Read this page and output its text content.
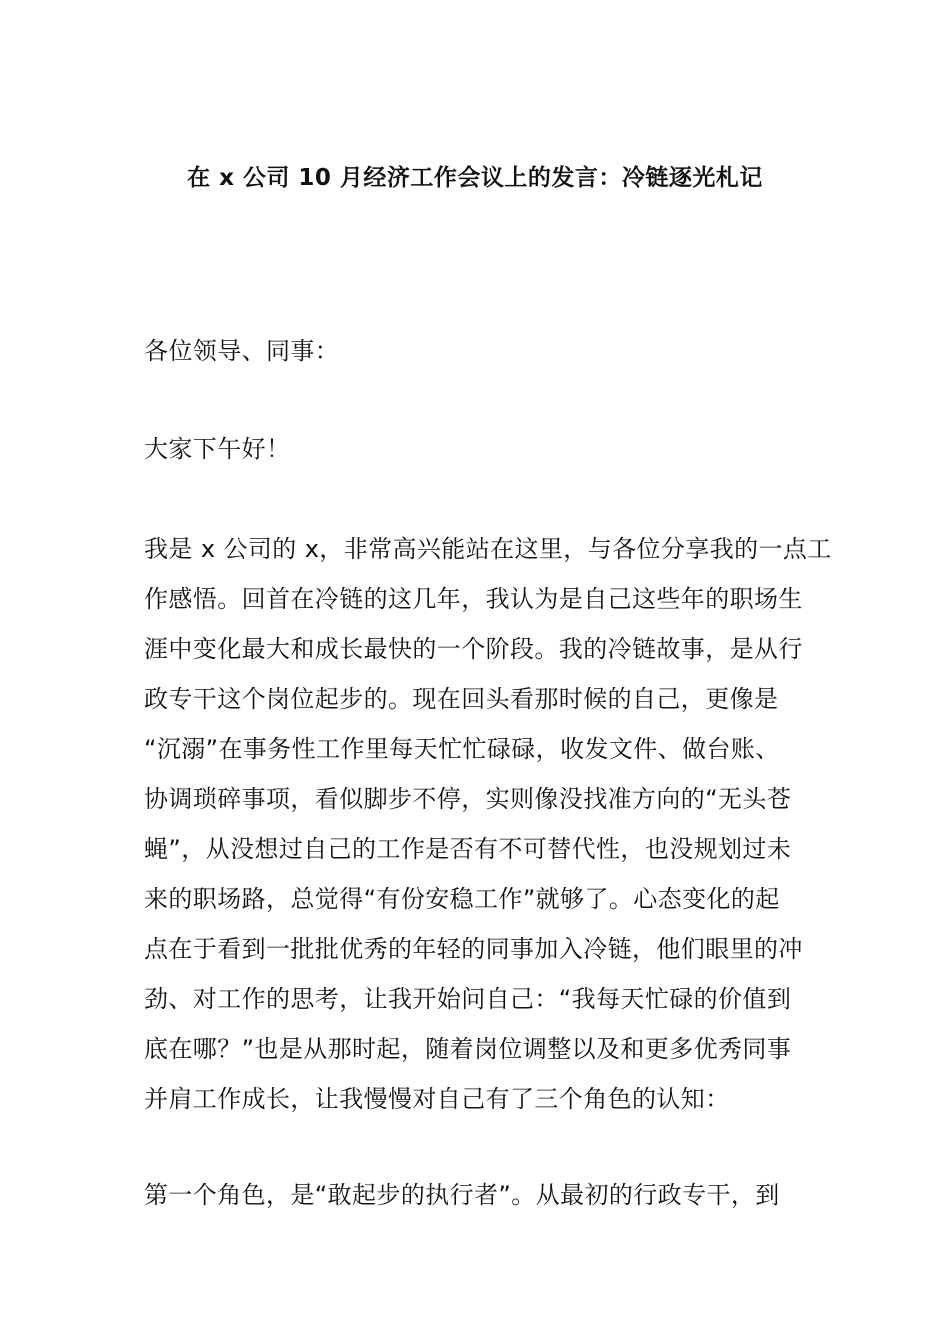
在 x 公司 10 月经济工作会议上的发言：冷链逐光札记

各位领导、同事：

大家下午好！

我是 x 公司的 x，非常高兴能站在这里，与各位分享我的一点工
作感悟。回首在冷链的这几年，我认为是自己这些年的职场生
涯中变化最大和成长最快的一个阶段。我的冷链故事，是从行
政专干这个岗位起步的。现在回头看那时候的自己，更像是
“沉溺”在事务性工作里每天忙忙碌碌，收发文件、做台账、
协调琐碎事项，看似脚步不停，实则像没找准方向的“无头苍
蝇”，从没想过自己的工作是否有不可替代性，也没规划过未
来的职场路，总觉得“有份安稳工作”就够了。心态变化的起
点在于看到一批批优秀的年轻的同事加入冷链，他们眼里的冲
劲、对工作的思考，让我开始问自己：“我每天忙碌的价值到
底在哪？”也是从那时起，随着岗位调整以及和更多优秀同事
并肩工作成长，让我慢慢对自己有了三个角色的认知：
第一个角色，是“敢起步的执行者”。从最初的行政专干，到
